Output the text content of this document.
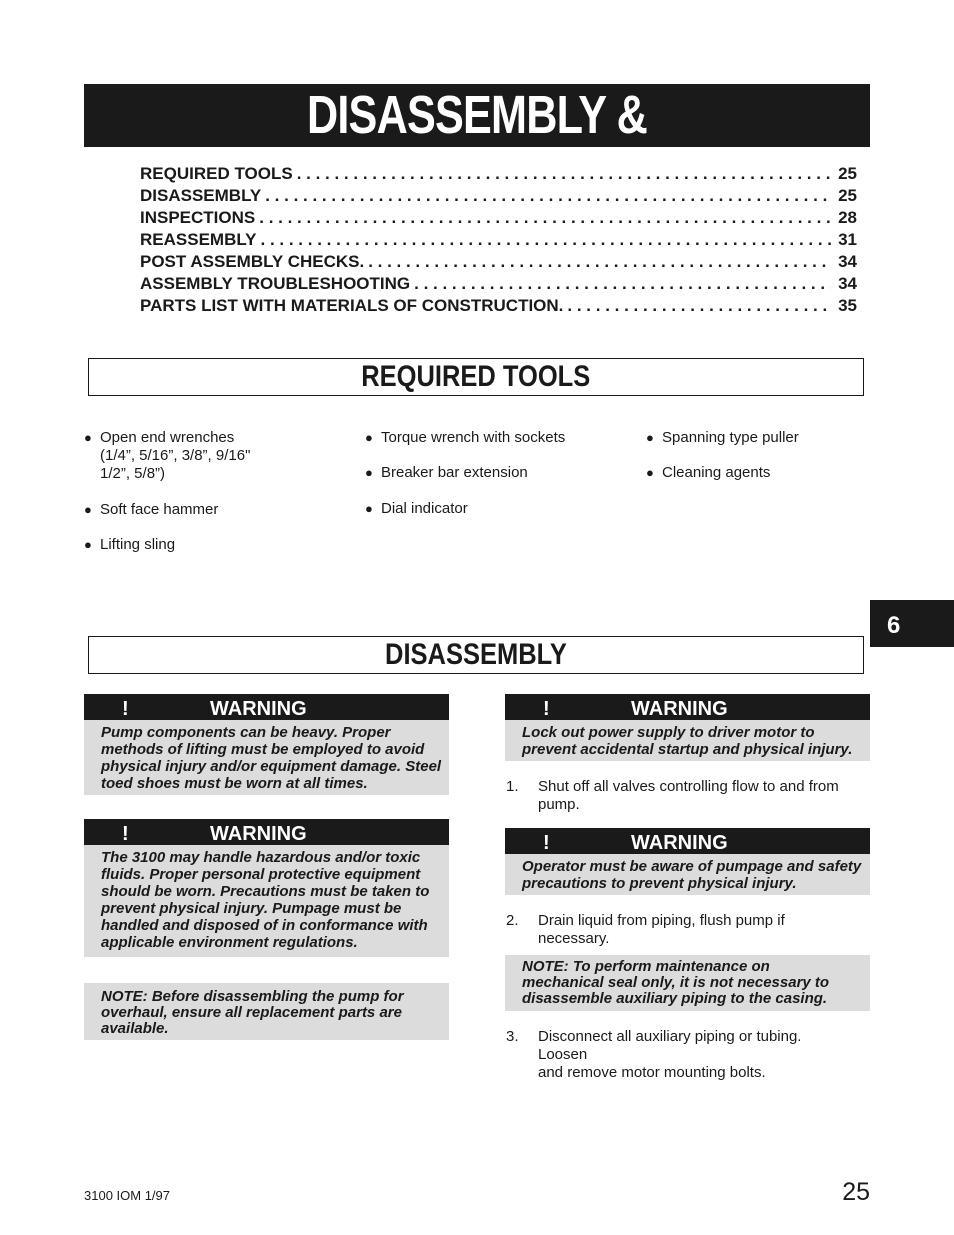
DISASSEMBLY & REASSEMBLY
REQUIRED TOOLS . . .	25
DISASSEMBLY . . .	25
INSPECTIONS . . .	28
REASSEMBLY . . .	31
POST ASSEMBLY CHECKS. . . .	34
ASSEMBLY TROUBLESHOOTING . . .	34
PARTS LIST WITH MATERIALS OF CONSTRUCTION. . . .	35
REQUIRED TOOLS
● Open end wrenches
(1/4”, 5/16”, 3/8”, 9/16"
1/2”, 5/8”)
● Soft face hammer
● Lifting sling
● Torque wrench with sockets
● Breaker bar extension
● Dial indicator
● Spanning type puller
● Cleaning agents
6
DISASSEMBLY
!	WARNING
Pump components can be heavy. Proper methods of lifting must be employed to avoid physical injury and/or equipment damage. Steel toed shoes must be worn at all times.
!	WARNING
The 3100 may handle hazardous and/or toxic fluids. Proper personal protective equipment should be worn. Precautions must be taken to prevent physical injury. Pumpage must be handled and disposed of in conformance with applicable environment regulations.
NOTE: Before disassembling the pump for overhaul, ensure all replacement parts are available.
!	WARNING
Lock out power supply to driver motor to prevent accidental startup and physical injury.
1. Shut off all valves controlling flow to and from
pump.
!	WARNING
Operator must be aware of pumpage and safety precautions to prevent physical injury.
2. Drain liquid from piping, flush pump if
necessary.
NOTE: To perform maintenance on mechanical seal only, it is not necessary to disassemble auxiliary piping to the casing.
3. Disconnect all auxiliary piping or tubing.
Loosen
and remove motor mounting bolts.
3100 IOM 1/97	25
